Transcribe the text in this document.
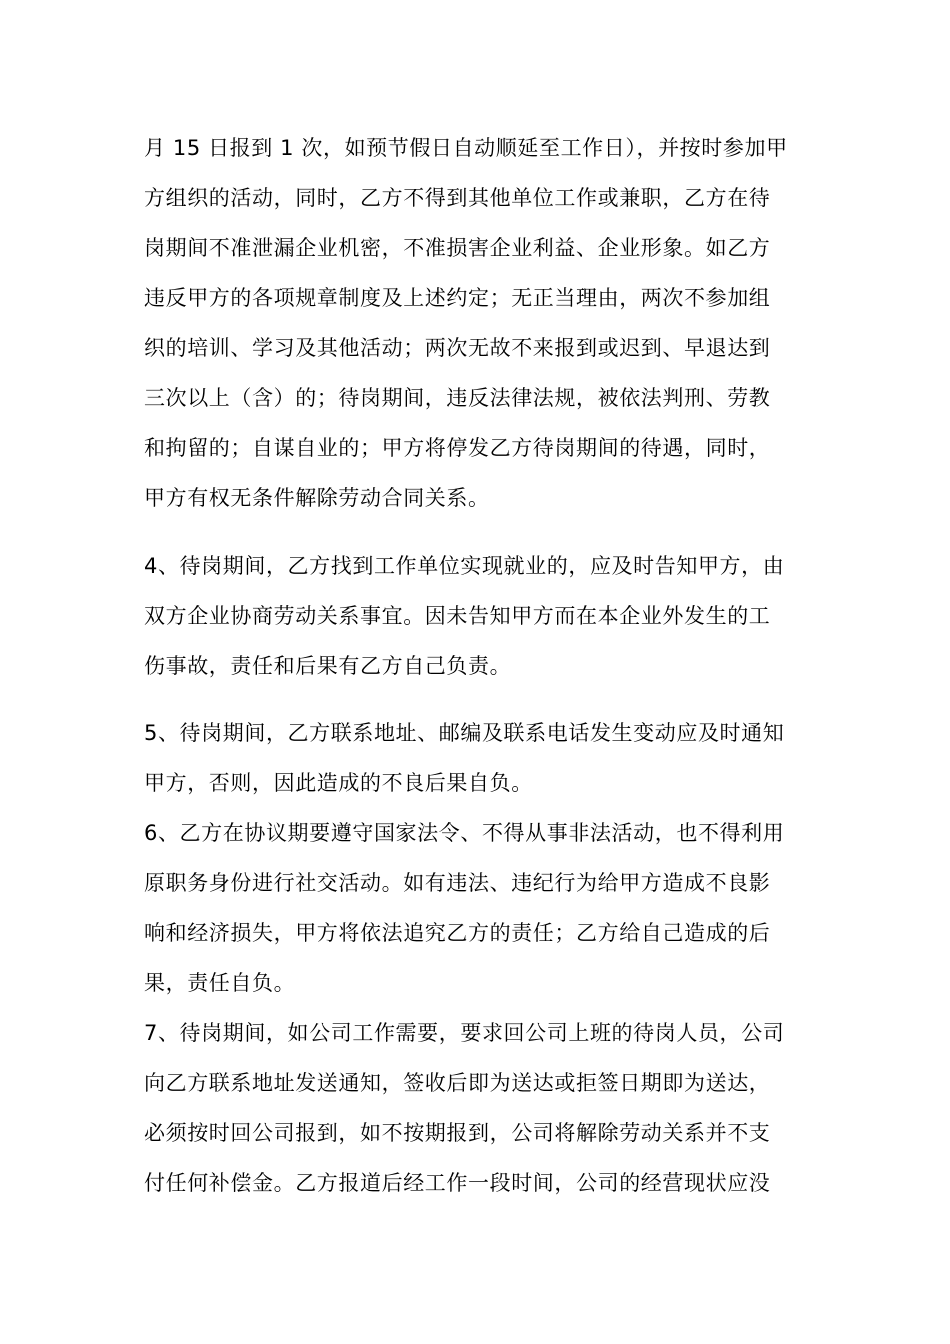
月 15 日报到 1 次，如预节假日自动顺延至工作日），并按时参加甲
方组织的活动，同时，乙方不得到其他单位工作或兼职，乙方在待
岗期间不准泄漏企业机密，不准损害企业利益、企业形象。如乙方
违反甲方的各项规章制度及上述约定；无正当理由，两次不参加组
织的培训、学习及其他活动；两次无故不来报到或迟到、早退达到
三次以上（含）的；待岗期间，违反法律法规，被依法判刑、劳教
和拘留的；自谋自业的；甲方将停发乙方待岗期间的待遇，同时，
甲方有权无条件解除劳动合同关系。
4、待岗期间，乙方找到工作单位实现就业的，应及时告知甲方，由
双方企业协商劳动关系事宜。因未告知甲方而在本企业外发生的工
伤事故，责任和后果有乙方自己负责。
5、待岗期间，乙方联系地址、邮编及联系电话发生变动应及时通知
甲方，否则，因此造成的不良后果自负。
6、乙方在协议期要遵守国家法令、不得从事非法活动，也不得利用
原职务身份进行社交活动。如有违法、违纪行为给甲方造成不良影
响和经济损失，甲方将依法追究乙方的责任；乙方给自己造成的后
果，责任自负。
7、待岗期间，如公司工作需要，要求回公司上班的待岗人员，公司
向乙方联系地址发送通知，签收后即为送达或拒签日期即为送达，
必须按时回公司报到，如不按期报到，公司将解除劳动关系并不支
付任何补偿金。乙方报道后经工作一段时间，公司的经营现状应没
